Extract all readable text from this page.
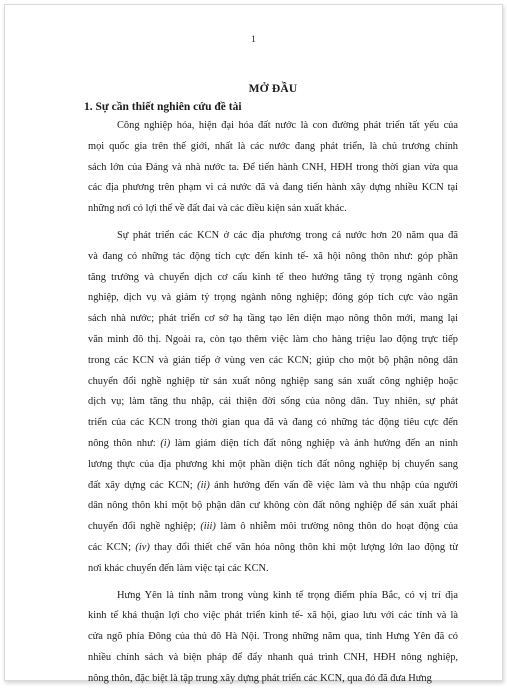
1
MỞ ĐẦU
1. Sự cần thiết nghiên cứu đề tài
Công nghiệp hóa, hiện đại hóa đất nước là con đường phát triển tất yếu của
mọi quốc gia trên thế giới, nhất là các nước đang phát triển, là chủ trương chính
sách lớn của Đảng và nhà nước ta. Để tiến hành CNH, HĐH trong thời gian vừa qua
các địa phương trên phạm vi cả nước đã và đang tiến hành xây dựng nhiều KCN tại
những nơi có lợi thế về đất đai và các điều kiện sản xuất khác.
Sự phát triển các KCN ở các địa phương trong cả nước hơn 20 năm qua đã
và đang có những tác động tích cực đến kinh tế- xã hội nông thôn như: góp phần
tăng trưởng và chuyển dịch cơ cấu kinh tế theo hướng tăng tỷ trọng ngành công
nghiệp, dịch vụ và giảm tỷ trọng ngành nông nghiệp; đóng góp tích cực vào ngân
sách nhà nước; phát triển cơ sở hạ tầng tạo lên diện mạo nông thôn mới, mang lại
văn minh đô thị. Ngoài ra, còn tạo thêm việc làm cho hàng triệu lao động trực tiếp
trong các KCN và gián tiếp ở vùng ven các KCN; giúp cho một bộ phận nông dân
chuyển đổi nghề nghiệp từ sản xuất nông nghiệp sang sản xuất công nghiệp hoặc
dịch vụ; làm tăng thu nhập, cải thiện đời sống của nông dân. Tuy nhiên, sự phát
triển của các KCN trong thời gian qua đã và đang có những tác động tiêu cực đến
nông thôn như: (i) làm giảm diện tích đất nông nghiệp và ảnh hưởng đến an ninh
lương thực của địa phương khi một phần diện tích đất nông nghiệp bị chuyển sang
đất xây dựng các KCN; (ii) ảnh hưởng đến vấn đề việc làm và thu nhập của người
dân nông thôn khi một bộ phận dân cư không còn đất nông nghiệp để sản xuất phải
chuyển đổi nghề nghiệp; (iii) làm ô nhiễm môi trường nông thôn do hoạt động của
các KCN; (iv) thay đổi thiết chế văn hóa nông thôn khi một lượng lớn lao động từ
nơi khác chuyển đến làm việc tại các KCN.
Hưng Yên là tỉnh nằm trong vùng kinh tế trọng điểm phía Bắc, có vị trí địa
kinh tế khá thuận lợi cho việc phát triển kinh tế- xã hội, giao lưu với các tỉnh và là
cửa ngõ phía Đông của thủ đô Hà Nội. Trong những năm qua, tỉnh Hưng Yên đã có
nhiều chính sách và biện pháp để đẩy nhanh quá trình CNH, HĐH nông nghiệp,
nông thôn, đặc biệt là tập trung xây dựng phát triển các KCN, qua đó đã đưa Hưng
